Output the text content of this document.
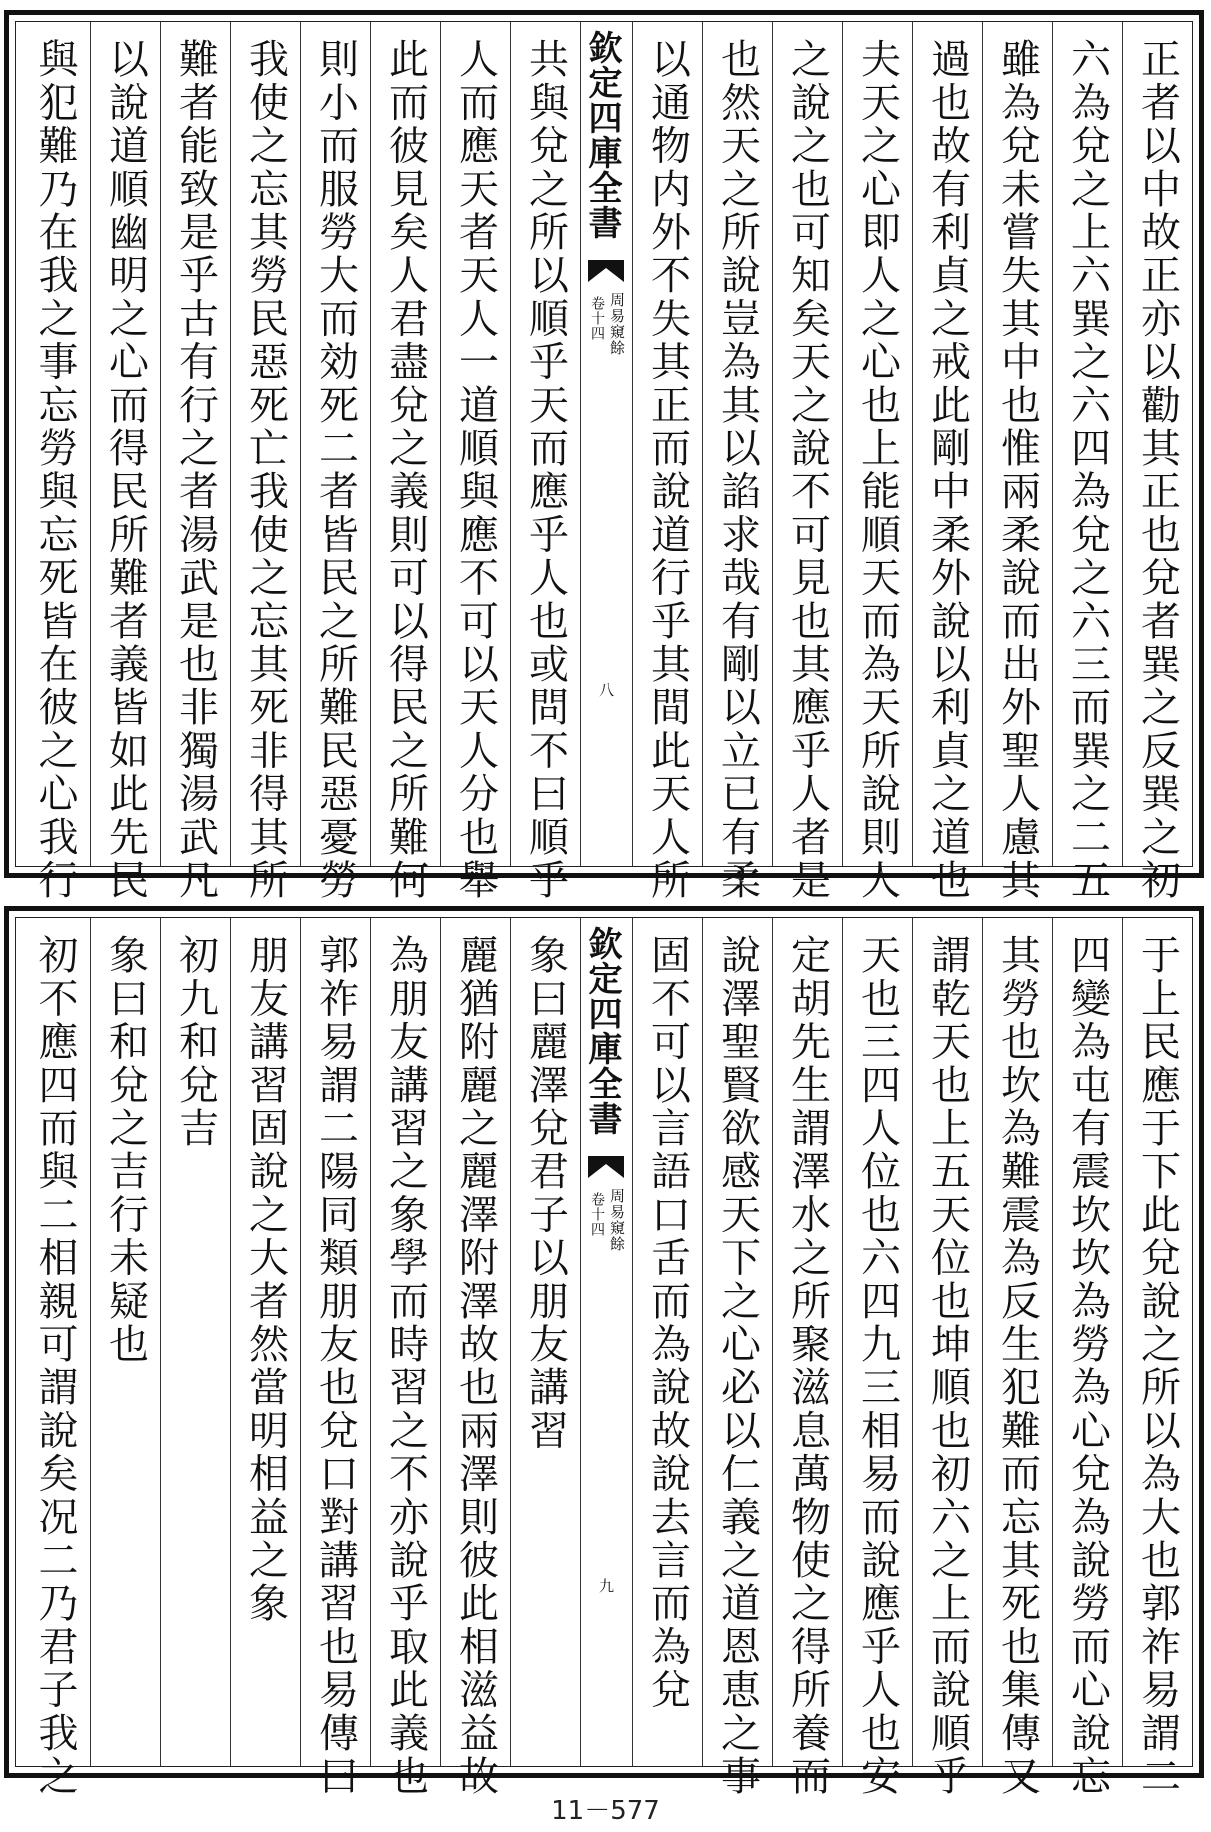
正者以中故正亦以勸其正也兌者巽之反巽之初
六為兌之上六巽之六四為兌之六三而巽之二五
雖為兌未嘗失其中也惟兩柔說而出外聖人慮其
過也故有利貞之戒此剛中柔外說以利貞之道也
夫天之心即人之心也上能順天而為天所說則人
之說之也可知矣天之說不可見也其應乎人者是
也然天之所說豈為其以諂求哉有剛以立已有柔
以通物内外不失其正而說道行乎其間此天人所
欽定四庫全書
周易窺餘
卷十四
八
共與兌之所以順乎天而應乎人也或問不曰順乎
人而應天者天人一道順與應不可以天人分也舉
此而彼見矣人君盡兌之義則可以得民之所難何
則小而服勞大而効死二者皆民之所難民惡憂勞
我使之忘其勞民惡死亡我使之忘其死非得其所
難者能致是乎古有行之者湯武是也非獨湯武凡
以說道順幽明之心而得民所難者義皆如此先民
與犯難乃在我之事忘勞與忘死皆在彼之心我行
于上民應于下此兌說之所以為大也郭祚易謂二
四變為屯有震坎坎為勞為心兌為說勞而心說忘
其勞也坎為難震為反生犯難而忘其死也集傳又
謂乾天也上五天位也坤順也初六之上而說順乎
天也三四人位也六四九三相易而說應乎人也安
定胡先生謂澤水之所聚滋息萬物使之得所養而
說澤聖賢欲感天下之心必以仁義之道恩恵之事
固不可以言語口舌而為說故說去言而為兌
欽定四庫全書
周易窺餘
卷十四
九
象曰麗澤兌君子以朋友講習
麗猶附麗之麗澤附澤故也兩澤則彼此相滋益故
為朋友講習之象學而時習之不亦說乎取此義也
郭祚易謂二陽同類朋友也兌口對講習也易傳曰
朋友講習固說之大者然當明相益之象
初九和兌吉
象曰和兌之吉行未疑也
初不應四而與二相親可謂說矣况二乃君子我之
11－577
